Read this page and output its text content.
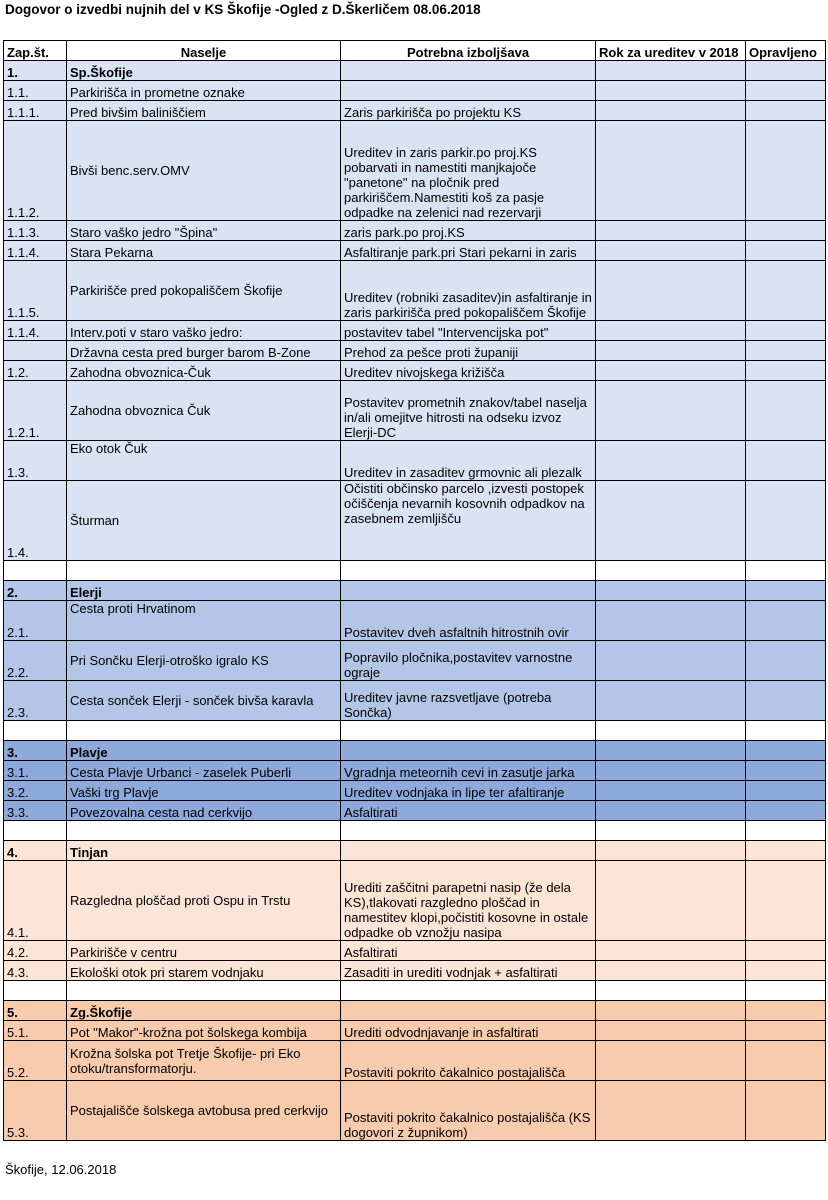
Dogovor o izvedbi nujnih del v KS Škofije -Ogled z D.Škerličem 08.06.2018
Zap.št.	Naselje	Potrebna izboljšava	Rok za ureditev v 2018	Opravljeno
1.	Sp.Škofije			
1.1.	Parkirišča in prometne oznake			
1.1.1.	Pred bivšim baliniščiem	Zaris parkirišča po projektu KS		
1.1.2.	Bivši benc.serv.OMV	Ureditev in zaris parkir.po proj.KS pobarvati in namestiti manjkajoče "panetone" na pločnik pred parkiriščem.Namestiti koš za pasje odpadke na zelenici nad rezervarji		
1.1.3.	Staro vaško jedro "Špina"	zaris park.po proj.KS		
1.1.4.	Stara Pekarna	Asfaltiranje park.pri Stari pekarni in zaris		
1.1.5.	Parkirišče pred pokopališčem Škofije	Ureditev (robniki zasaditev)in asfaltiranje in zaris parkirišča pred pokopališčem Škofije		
1.1.4.	Interv.poti v staro vaško jedro:	postavitev tabel "Intervencijska pot"		
	Državna cesta pred burger barom B-Zone	Prehod za pešce proti županiji		
1.2.	Zahodna obvoznica-Čuk	Ureditev nivojskega križišča		
1.2.1.	Zahodna obvoznica Čuk	Postavitev prometnih znakov/tabel naselja in/ali omejitve hitrosti na odseku izvoz Elerji-DC		
1.3.	Eko otok Čuk	Ureditev in zasaditev grmovnic ali plezalk		
1.4.	Šturman	Očistiti občinsko parcelo ,izvesti postopek očiščenja nevarnih kosovnih odpadkov na zasebnem zemljišču		

2.	Elerji			
2.1.	Cesta proti Hrvatinom	Postavitev dveh asfaltnih hitrostnih ovir		
2.2.	Pri Sončku Elerji-otroško igralo KS	Popravilo pločnika,postavitev varnostne ograje		
2.3.	Cesta sonček Elerji - sonček bivša karavla	Ureditev javne razsvetljave (potreba Sončka)		

3.	Plavje			
3.1.	Cesta Plavje Urbanci - zaselek Puberli	Vgradnja meteornih cevi in zasutje jarka		
3.2.	Vaški trg Plavje	Ureditev vodnjaka in lipe ter afaltiranje		
3.3.	Povezovalna cesta nad cerkvijo	Asfaltirati		

4.	Tinjan			
4.1.	Razgledna ploščad proti Ospu in Trstu	Urediti zaščitni parapetni nasip (že dela KS),tlakovati razgledno ploščad in namestitev klopi,počistiti kosovne in ostale odpadke ob vznožju nasipa		
4.2.	Parkirišče v centru	Asfaltirati		
4.3.	Ekološki otok pri starem vodnjaku	Zasaditi in urediti vodnjak + asfaltirati		

5.	Zg.Škofije			
5.1.	Pot "Makor"-krožna pot šolskega kombija	Urediti odvodnjavanje in asfaltirati		
5.2.	Krožna šolska pot Tretje Škofije- pri Eko otoku/transformatorju.	Postaviti pokrito čakalnico postajališča		
5.3.	Postajališče šolskega avtobusa pred cerkvijo	Postaviti pokrito čakalnico postajališča (KS dogovori z župnikom)		
Škofije, 12.06.2018
